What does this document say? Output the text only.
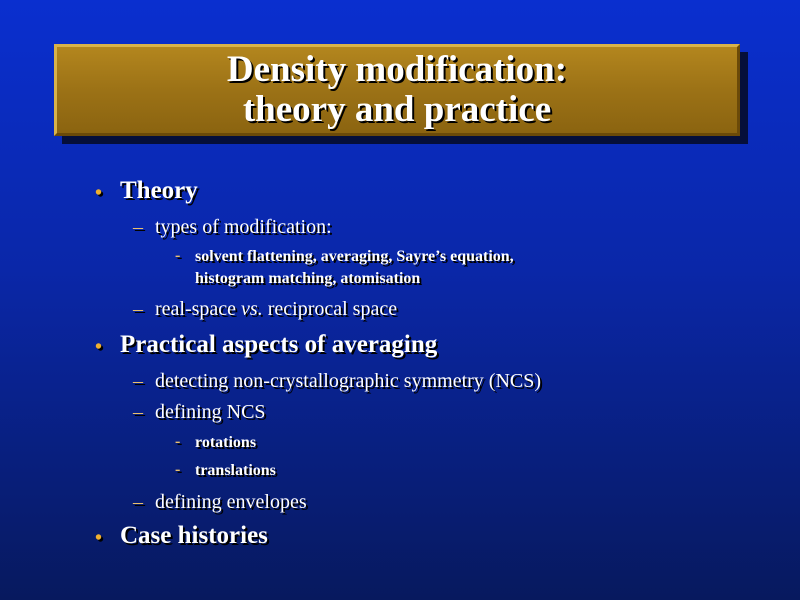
Density modification:
theory and practice
• Theory
– types of modification:
- solvent flattening, averaging, Sayre’s equation,
histogram matching, atomisation
– real-space vs. reciprocal space
• Practical aspects of averaging
– detecting non-crystallographic symmetry (NCS)
– defining NCS
- rotations
- translations
– defining envelopes
• Case histories
